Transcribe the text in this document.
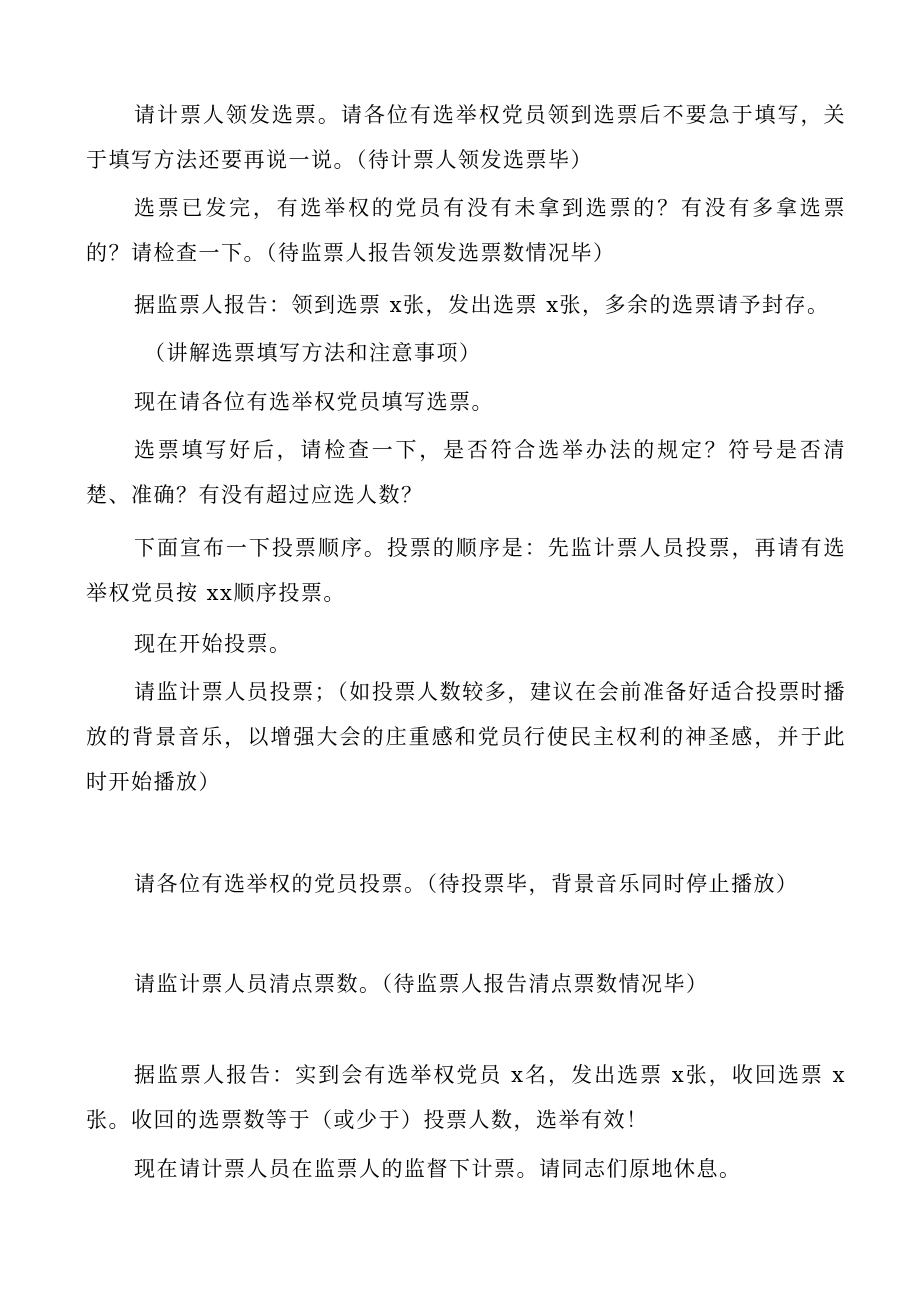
请计票人领发选票。请各位有选举权党员领到选票后不要急于填写，关于填写方法还要再说一说。（待计票人领发选票毕）

选票已发完，有选举权的党员有没有未拿到选票的？有没有多拿选票的？请检查一下。（待监票人报告领发选票数情况毕）

据监票人报告：领到选票 x张，发出选票 x张，多余的选票请予封存。

（讲解选票填写方法和注意事项）

现在请各位有选举权党员填写选票。

选票填写好后，请检查一下，是否符合选举办法的规定？符号是否清楚、准确？有没有超过应选人数？

下面宣布一下投票顺序。投票的顺序是：先监计票人员投票，再请有选举权党员按 xx顺序投票。

现在开始投票。

请监计票人员投票；（如投票人数较多，建议在会前准备好适合投票时播放的背景音乐，以增强大会的庄重感和党员行使民主权利的神圣感，并于此时开始播放）

请各位有选举权的党员投票。（待投票毕，背景音乐同时停止播放）

请监计票人员清点票数。（待监票人报告清点票数情况毕）

据监票人报告：实到会有选举权党员 x名，发出选票 x张，收回选票 x张。收回的选票数等于（或少于）投票人数，选举有效！

现在请计票人员在监票人的监督下计票。请同志们原地休息。
